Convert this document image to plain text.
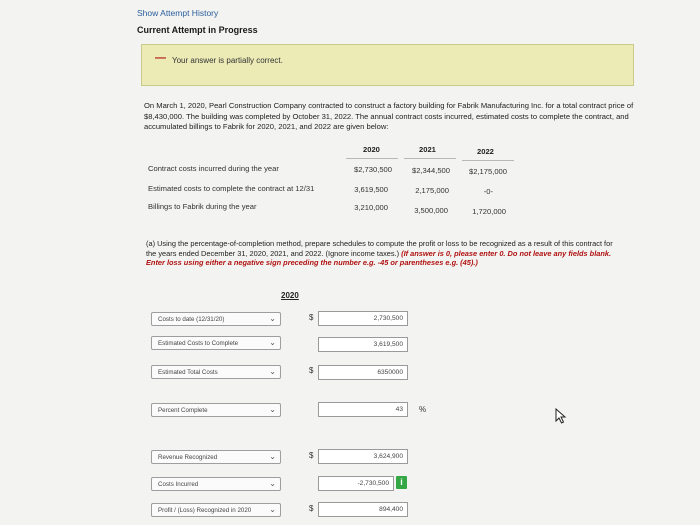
Show Attempt History
Current Attempt in Progress
— Your answer is partially correct.
On March 1, 2020, Pearl Construction Company contracted to construct a factory building for Fabrik Manufacturing Inc. for a total contract price of $8,430,000. The building was completed by October 31, 2022. The annual contract costs incurred, estimated costs to complete the contract, and accumulated billings to Fabrik for 2020, 2021, and 2022 are given below:
2020	2021	2022
Contract costs incurred during the year	$2,730,500	$2,344,500	$2,175,000
Estimated costs to complete the contract at 12/31	3,619,500	2,175,000	-0-
Billings to Fabrik during the year	3,210,000	3,500,000	1,720,000
(a) Using the percentage-of-completion method, prepare schedules to compute the profit or loss to be recognized as a result of this contract for the years ended December 31, 2020, 2021, and 2022. (Ignore income taxes.) (If answer is 0, please enter 0. Do not leave any fields blank. Enter loss using either a negative sign preceding the number e.g. -45 or parentheses e.g. (45).)
2020
Costs to date (12/31/20)	⌄	$	2,730,500
Estimated Costs to Complete	⌄	3,619,500
Estimated Total Costs	⌄	$	6350000
Percent Complete	⌄	43 %
Revenue Recognized	⌄	$	3,624,900
Costs Incurred	⌄	-2,730,500	i
Profit / (Loss) Recognized in 2020 ⌄	$	894,400
